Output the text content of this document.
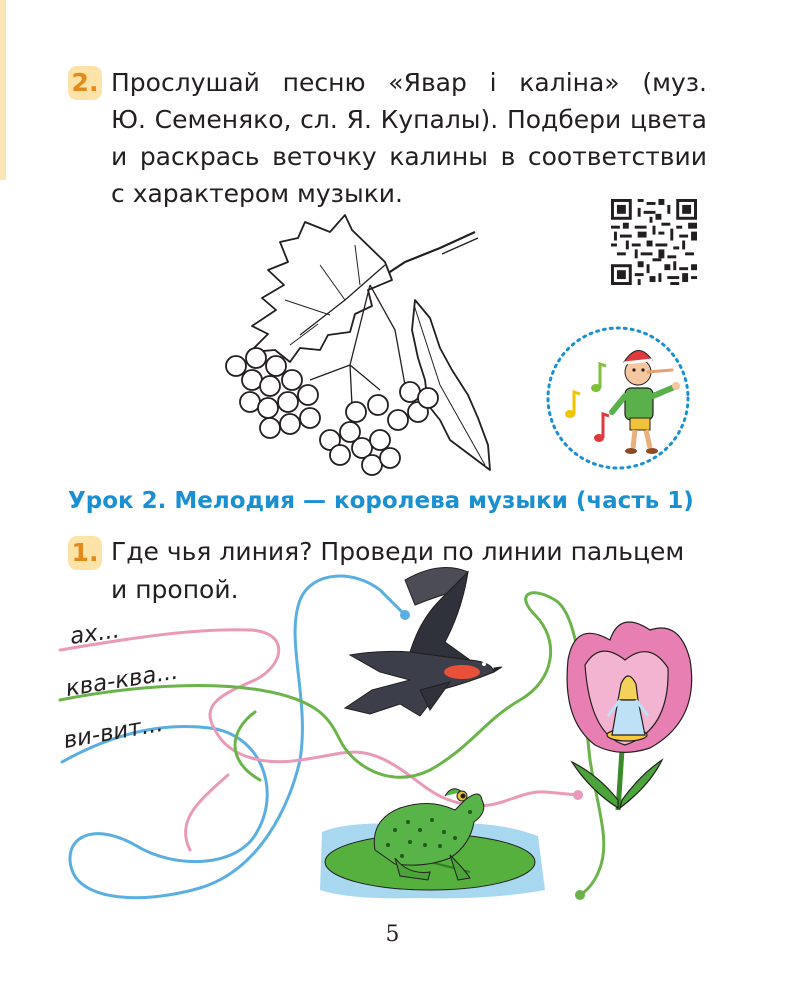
2. Прослушай песню «Явар і каліна» (муз.
Ю. Семеняко, сл. Я. Купалы). Подбери цвета
и раскрась веточку калины в соответствии
с характером музыки.
Урок 2. Мелодия — королева музыки (часть 1)
1. Где чья линия? Проведи по линии пальцем
и пропой.
ах...
ква-ква...
ви-вит...
5
